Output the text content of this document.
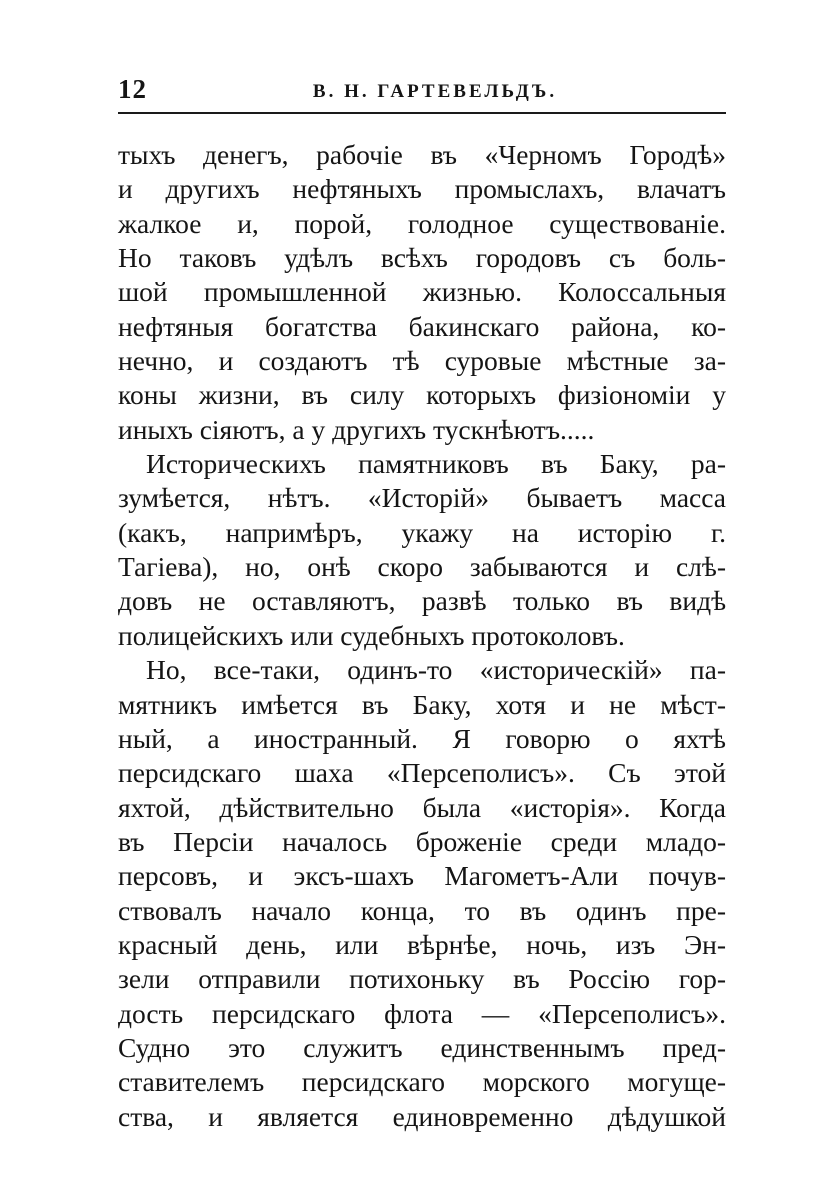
12	В. Н. ГАРТЕВЕЛЬДЪ.
тыхъ денегъ, рабочіе въ «Черномъ Городѣ»
и другихъ нефтяныхъ промыслахъ, влачатъ
жалкое и, порой, голодное существованіе.
Но таковъ удѣлъ всѣхъ городовъ съ боль-
шой промышленной жизнью. Колоссальныя
нефтяныя богатства бакинскаго района, ко-
нечно, и создаютъ тѣ суровые мѣстные за-
коны жизни, въ силу которыхъ физіономіи у
иныхъ сіяютъ, а у другихъ тускнѣютъ.....
Историческихъ памятниковъ въ Баку, ра-
зумѣется, нѣтъ. «Исторій» бываетъ масса
(какъ, напримѣръ, укажу на исторію г.
Тагіева), но, онѣ скоро забываются и слѣ-
довъ не оставляютъ, развѣ только въ видѣ
полицейскихъ или судебныхъ протоколовъ.
Но, все-таки, одинъ-то «историческій» па-
мятникъ имѣется въ Баку, хотя и не мѣст-
ный, а иностранный. Я говорю о яхтѣ
персидскаго шаха «Персеполисъ». Съ этой
яхтой, дѣйствительно была «исторія». Когда
въ Персіи началось броженіе среди младо-
персовъ, и эксъ-шахъ Магометъ-Али почув-
ствовалъ начало конца, то въ одинъ пре-
красный день, или вѣрнѣе, ночь, изъ Эн-
зели отправили потихоньку въ Россію гор-
дость персидскаго флота — «Персеполисъ».
Судно это служитъ единственнымъ пред-
ставителемъ персидскаго морского могуще-
ства, и является единовременно дѣдушкой
